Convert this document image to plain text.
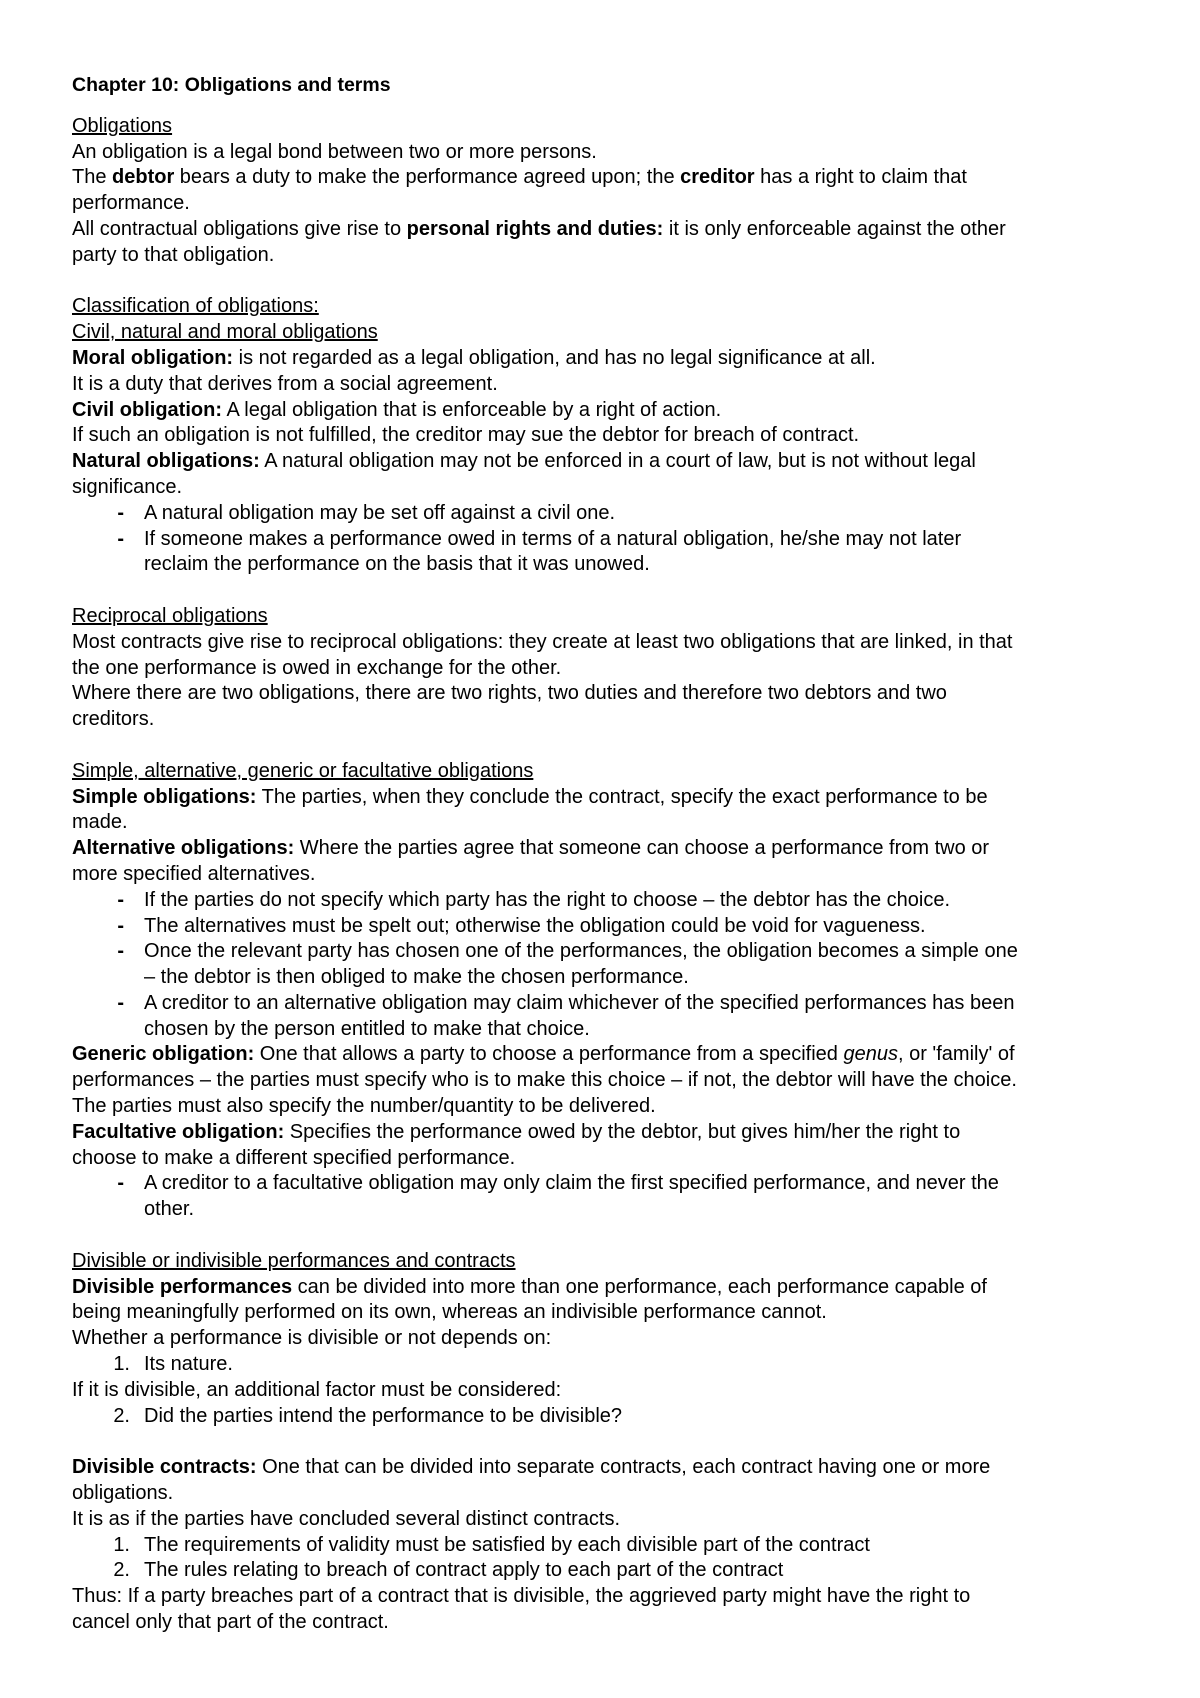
Chapter 10: Obligations and terms

Obligations

An obligation is a legal bond between two or more persons.

The debtor bears a duty to make the performance agreed upon; the creditor has a right to claim that

performance.

All contractual obligations give rise to personal rights and duties: it is only enforceable against the other

party to that obligation.

Classification of obligations:

Civil, natural and moral obligations

Moral obligation: is not regarded as a legal obligation, and has no legal significance at all.

It is a duty that derives from a social agreement.

Civil obligation: A legal obligation that is enforceable by a right of action.

If such an obligation is not fulfilled, the creditor may sue the debtor for breach of contract.

Natural obligations: A natural obligation may not be enforced in a court of law, but is not without legal

significance.

-	A natural obligation may be set off against a civil one.
-	If someone makes a performance owed in terms of a natural obligation, he/she may not later
reclaim the performance on the basis that it was unowed.

Reciprocal obligations

Most contracts give rise to reciprocal obligations: they create at least two obligations that are linked, in that

the one performance is owed in exchange for the other.

Where there are two obligations, there are two rights, two duties and therefore two debtors and two

creditors.

Simple, alternative, generic or facultative obligations

Simple obligations: The parties, when they conclude the contract, specify the exact performance to be

made.

Alternative obligations: Where the parties agree that someone can choose a performance from two or

more specified alternatives.

-	If the parties do not specify which party has the right to choose – the debtor has the choice.
-	The alternatives must be spelt out; otherwise the obligation could be void for vagueness.
-	Once the relevant party has chosen one of the performances, the obligation becomes a simple one
– the debtor is then obliged to make the chosen performance.
-	A creditor to an alternative obligation may claim whichever of the specified performances has been
chosen by the person entitled to make that choice.

Generic obligation: One that allows a party to choose a performance from a specified genus, or 'family' of

performances – the parties must specify who is to make this choice – if not, the debtor will have the choice.

The parties must also specify the number/quantity to be delivered.

Facultative obligation: Specifies the performance owed by the debtor, but gives him/her the right to

choose to make a different specified performance.

-	A creditor to a facultative obligation may only claim the first specified performance, and never the
other.

Divisible or indivisible performances and contracts

Divisible performances can be divided into more than one performance, each performance capable of

being meaningfully performed on its own, whereas an indivisible performance cannot.

Whether a performance is divisible or not depends on:

1. Its nature.

If it is divisible, an additional factor must be considered:

2. Did the parties intend the performance to be divisible?

Divisible contracts: One that can be divided into separate contracts, each contract having one or more

obligations.

It is as if the parties have concluded several distinct contracts.

1. The requirements of validity must be satisfied by each divisible part of the contract
2. The rules relating to breach of contract apply to each part of the contract

Thus: If a party breaches part of a contract that is divisible, the aggrieved party might have the right to

cancel only that part of the contract.
